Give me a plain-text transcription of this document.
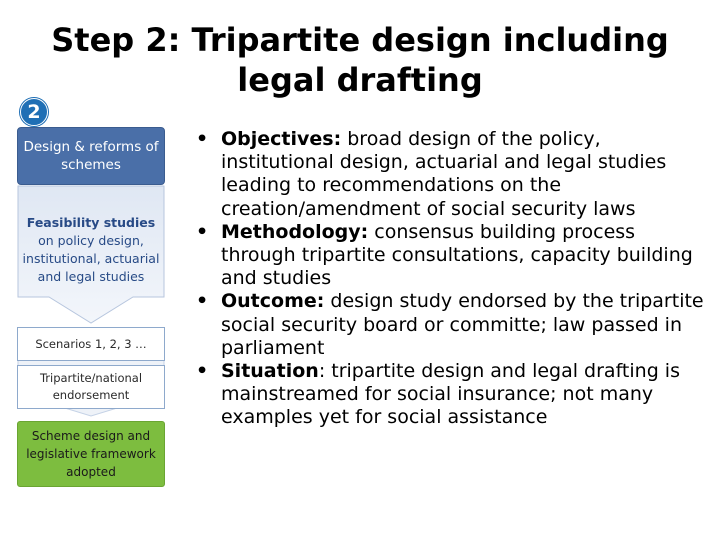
Step 2: Tripartite design including
legal drafting
2
Design & reforms of schemes
Feasibility studies on policy design, institutional, actuarial and legal studies
Scenarios 1, 2, 3 …
Tripartite/national endorsement
Scheme design and legislative framework adopted
• Objectives: broad design of the policy, institutional design, actuarial and legal studies leading to recommendations on the creation/amendment of social security laws
• Methodology: consensus building process through tripartite consultations, capacity building and studies
• Outcome: design study endorsed by the tripartite social security board or committe; law passed in parliament
• Situation: tripartite design and legal drafting is mainstreamed for social insurance; not many examples yet for social assistance
